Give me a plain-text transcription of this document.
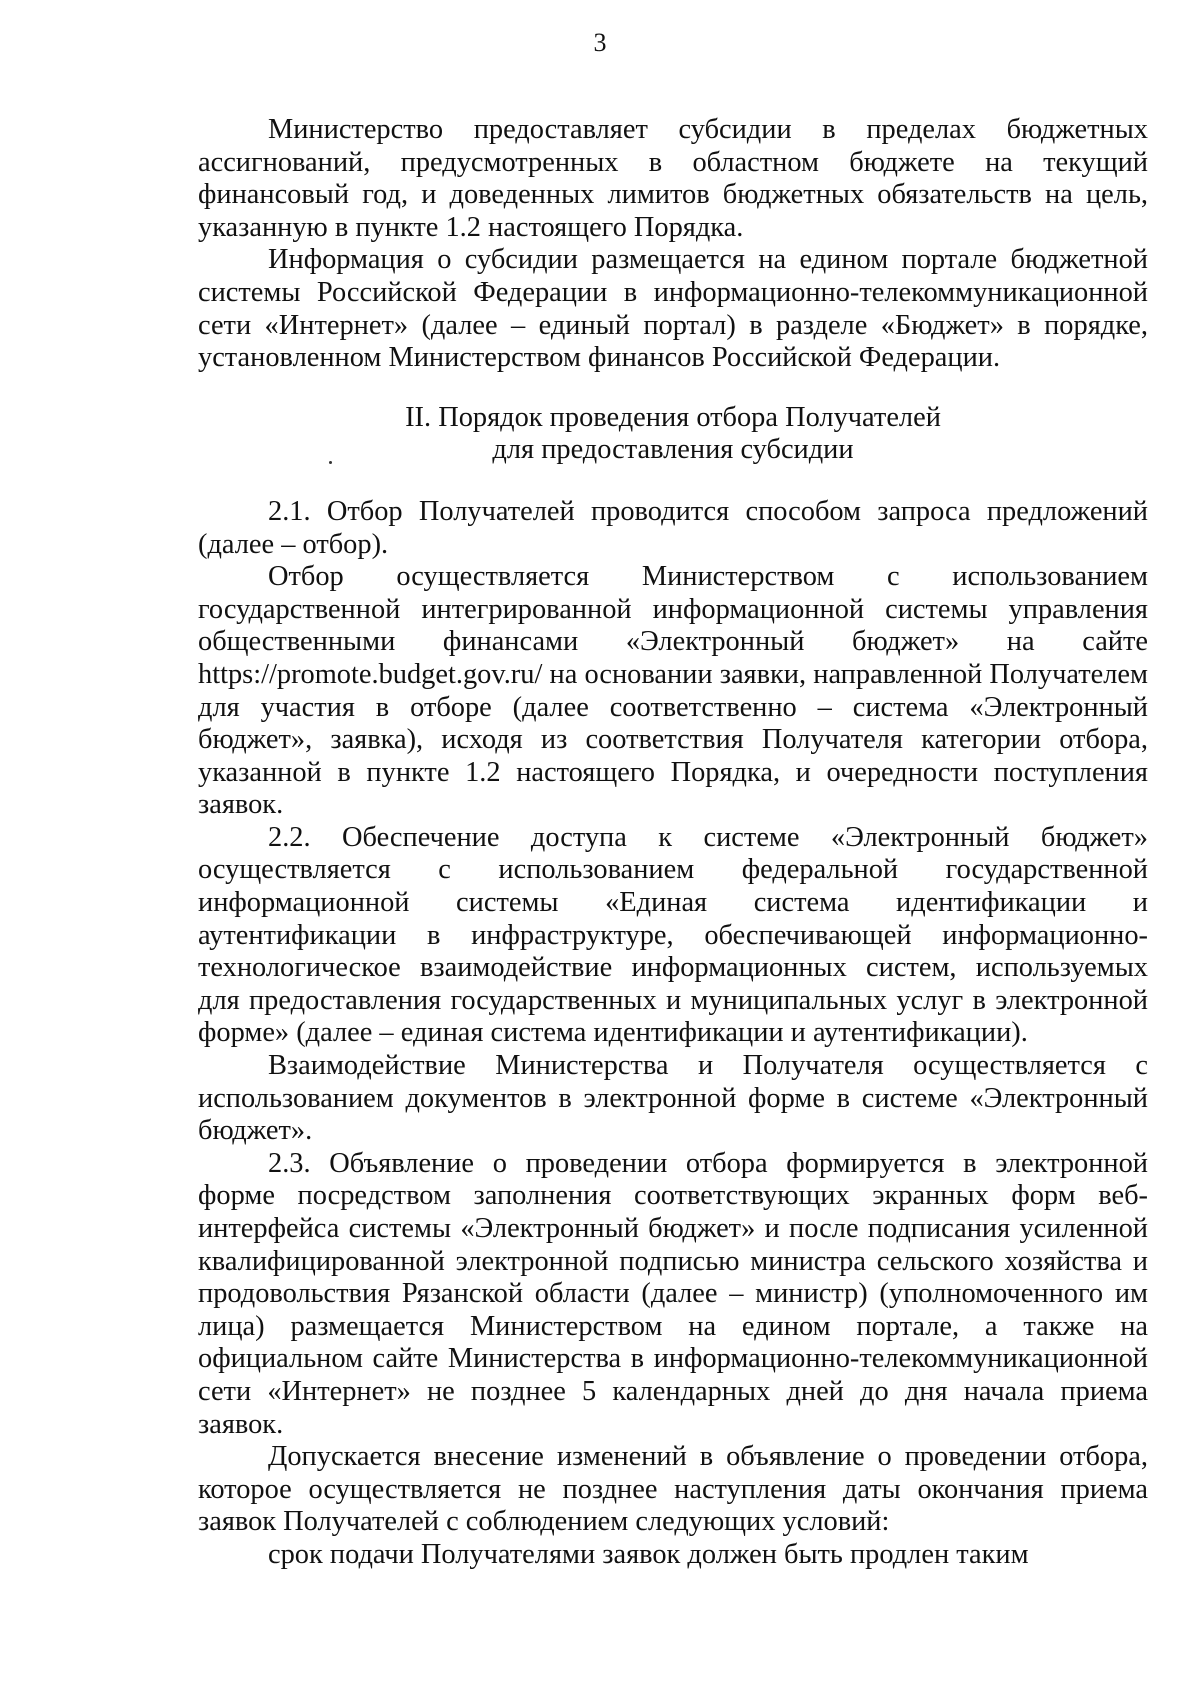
3

Министерство предоставляет субсидии в пределах бюджетных ассигнований, предусмотренных в областном бюджете на текущий финансовый год, и доведенных лимитов бюджетных обязательств на цель, указанную в пункте 1.2 настоящего Порядка.

Информация о субсидии размещается на едином портале бюджетной системы Российской Федерации в информационно-телекоммуникационной сети «Интернет» (далее – единый портал) в разделе «Бюджет» в порядке, установленном Министерством финансов Российской Федерации.

II. Порядок проведения отбора Получателей
для предоставления субсидии

2.1. Отбор Получателей проводится способом запроса предложений (далее – отбор).

Отбор осуществляется Министерством с использованием государственной интегрированной информационной системы управления общественными финансами «Электронный бюджет» на сайте https://promote.budget.gov.ru/ на основании заявки, направленной Получателем для участия в отборе (далее соответственно – система «Электронный бюджет», заявка), исходя из соответствия Получателя категории отбора, указанной в пункте 1.2 настоящего Порядка, и очередности поступления заявок.

2.2. Обеспечение доступа к системе «Электронный бюджет» осуществляется с использованием федеральной государственной информационной системы «Единая система идентификации и аутентификации в инфраструктуре, обеспечивающей информационно-технологическое взаимодействие информационных систем, используемых для предоставления государственных и муниципальных услуг в электронной форме» (далее – единая система идентификации и аутентификации).

Взаимодействие Министерства и Получателя осуществляется с использованием документов в электронной форме в системе «Электронный бюджет».

2.3. Объявление о проведении отбора формируется в электронной форме посредством заполнения соответствующих экранных форм веб-интерфейса системы «Электронный бюджет» и после подписания усиленной квалифицированной электронной подписью министра сельского хозяйства и продовольствия Рязанской области (далее – министр) (уполномоченного им лица) размещается Министерством на едином портале, а также на официальном сайте Министерства в информационно-телекоммуникационной сети «Интернет» не позднее 5 календарных дней до дня начала приема заявок.

Допускается внесение изменений в объявление о проведении отбора, которое осуществляется не позднее наступления даты окончания приема заявок Получателей с соблюдением следующих условий:

срок подачи Получателями заявок должен быть продлен таким
